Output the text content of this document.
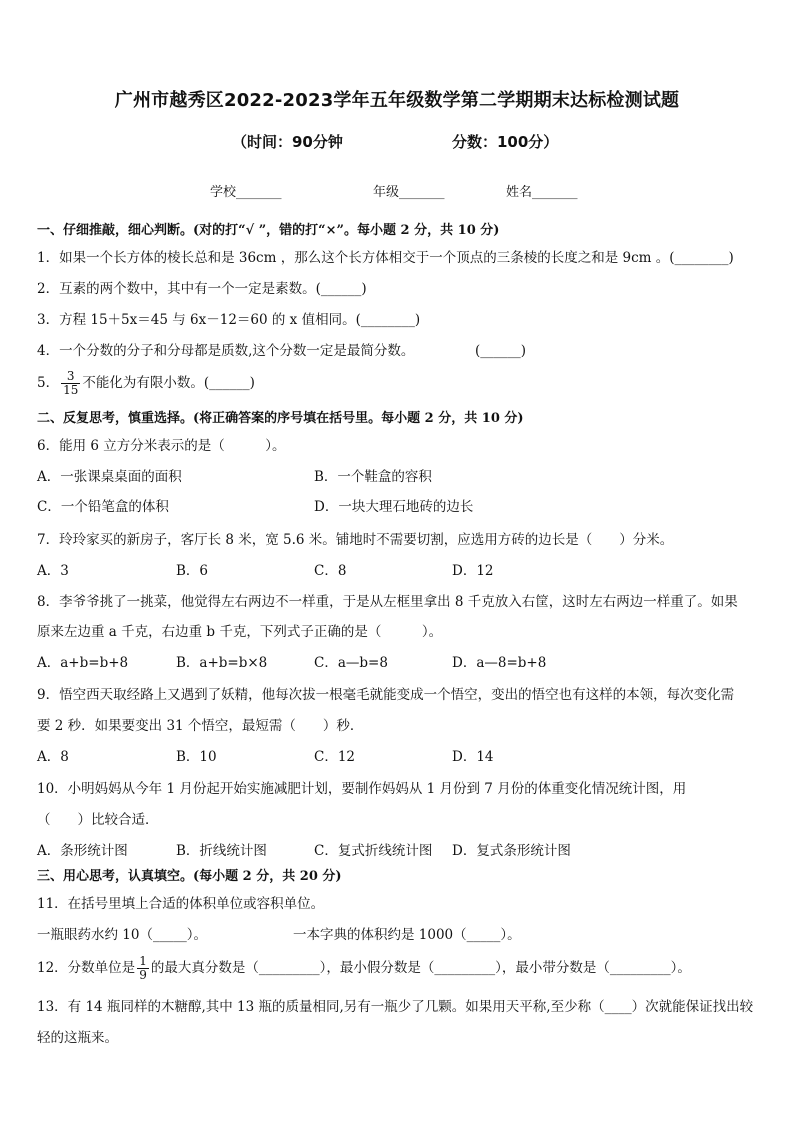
广州市越秀区2022-2023学年五年级数学第二学期期末达标检测试题
（时间：90分钟	分数：100分）
学校_______	年级_______	姓名_______
一、仔细推敲，细心判断。(对的打“√ ”，错的打“×”。每小题 2 分，共 10 分)
1．如果一个长方体的棱长总和是 36cm ，那么这个长方体相交于一个顶点的三条棱的长度之和是 9cm 。(________)
2．互素的两个数中，其中有一个一定是素数。(______)
3．方程 15＋5x＝45 与 6x－12＝60 的 x 值相同。(________)
4．一个分数的分子和分母都是质数,这个分数一定是最简分数。	(______)
5． $\frac{3}{15}$ 不能化为有限小数。(______)
二、反复思考，慎重选择。(将正确答案的序号填在括号里。每小题 2 分，共 10 分)
6．能用 6 立方分米表示的是（　　　）。
A．一张课桌桌面的面积	B．一个鞋盒的容积
C．一个铅笔盒的体积	D．一块大理石地砖的边长
7．玲玲家买的新房子，客厅长 8 米，宽 5.6 米。铺地时不需要切割，应选用方砖的边长是（　　）分米。
A．3	B．6	C．8	D．12
8．李爷爷挑了一挑菜，他觉得左右两边不一样重，于是从左框里拿出 8 千克放入右筐，这时左右两边一样重了。如果
原来左边重 a 千克，右边重 b 千克，下列式子正确的是（　　　）。
A．a+b=b+8	B．a+b=b×8	C．a—b=8	D．a—8=b+8
9．悟空西天取经路上又遇到了妖精，他每次拔一根毫毛就能变成一个悟空，变出的悟空也有这样的本领，每次变化需
要 2 秒．如果要变出 31 个悟空，最短需（　　）秒．
A．8	B．10	C．12	D．14
10．小明妈妈从今年 1 月份起开始实施减肥计划，要制作妈妈从 1 月份到 7 月份的体重变化情况统计图，用
（　　）比较合适．
A．条形统计图	B．折线统计图	C．复式折线统计图 D．复式条形统计图
三、用心思考，认真填空。(每小题 2 分，共 20 分)
11．在括号里填上合适的体积单位或容积单位。
一瓶眼药水约 10（_____）。	一本字典的体积约是 1000（_____）。
12．分数单位是 $\frac{1}{9}$ 的最大真分数是（_________），最小假分数是（_________），最小带分数是（_________）。
13．有 14 瓶同样的木糖醇,其中 13 瓶的质量相同,另有一瓶少了几颗。如果用天平称,至少称（____）次就能保证找出较
轻的这瓶来。
